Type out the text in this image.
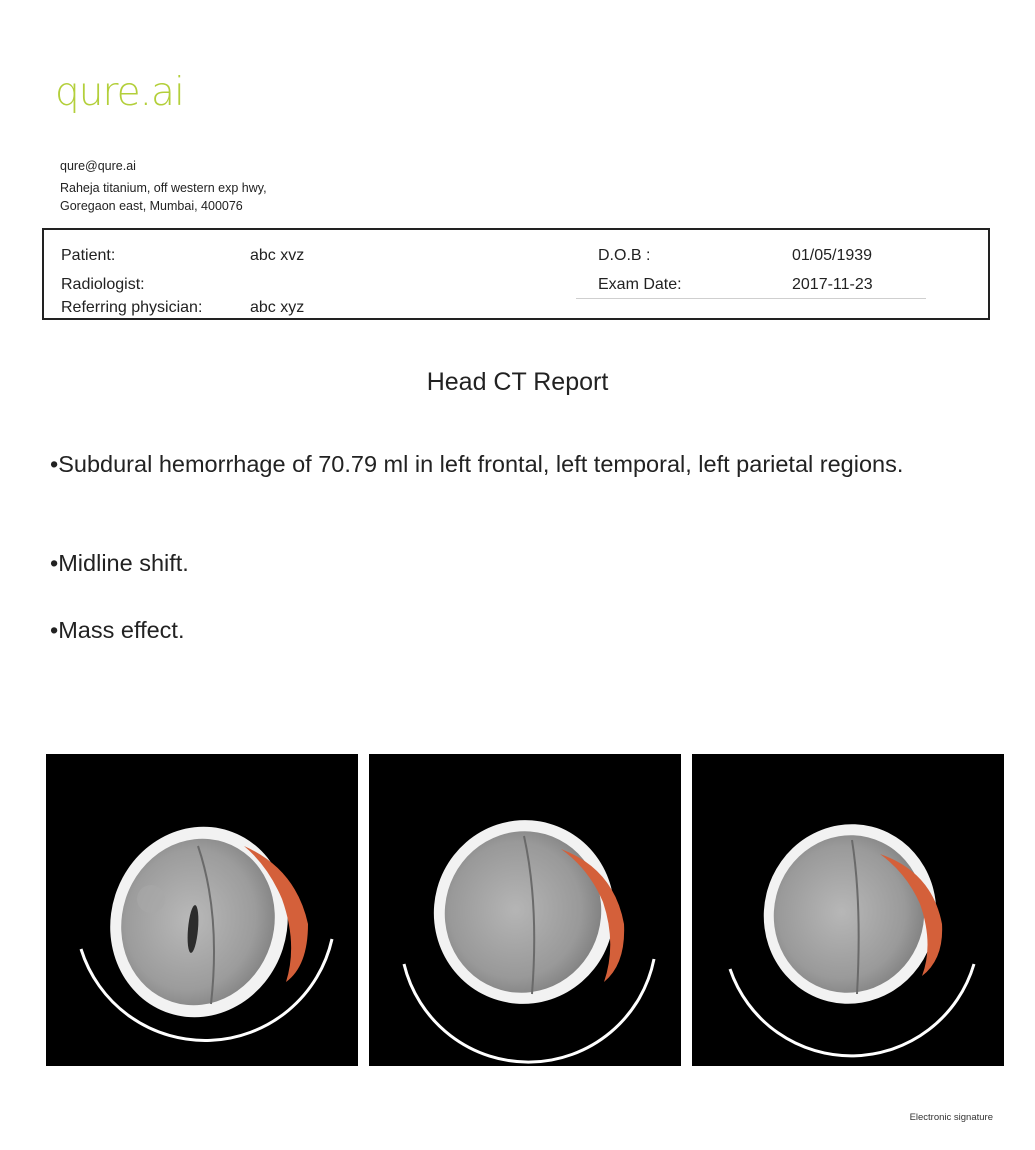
qure.ai
qure@qure.ai
Raheja titanium, off western exp hwy,
Goregaon east, Mumbai, 400076
Patient:	abc xvz
Radiologist:
Referring physician:	abc xyz
D.O.B :	01/05/1939
Exam Date:	2017-11-23
Head CT Report
•Subdural hemorrhage of 70.79 ml in left frontal, left temporal, left parietal regions.
•Midline shift.
•Mass effect.
Electronic signature
